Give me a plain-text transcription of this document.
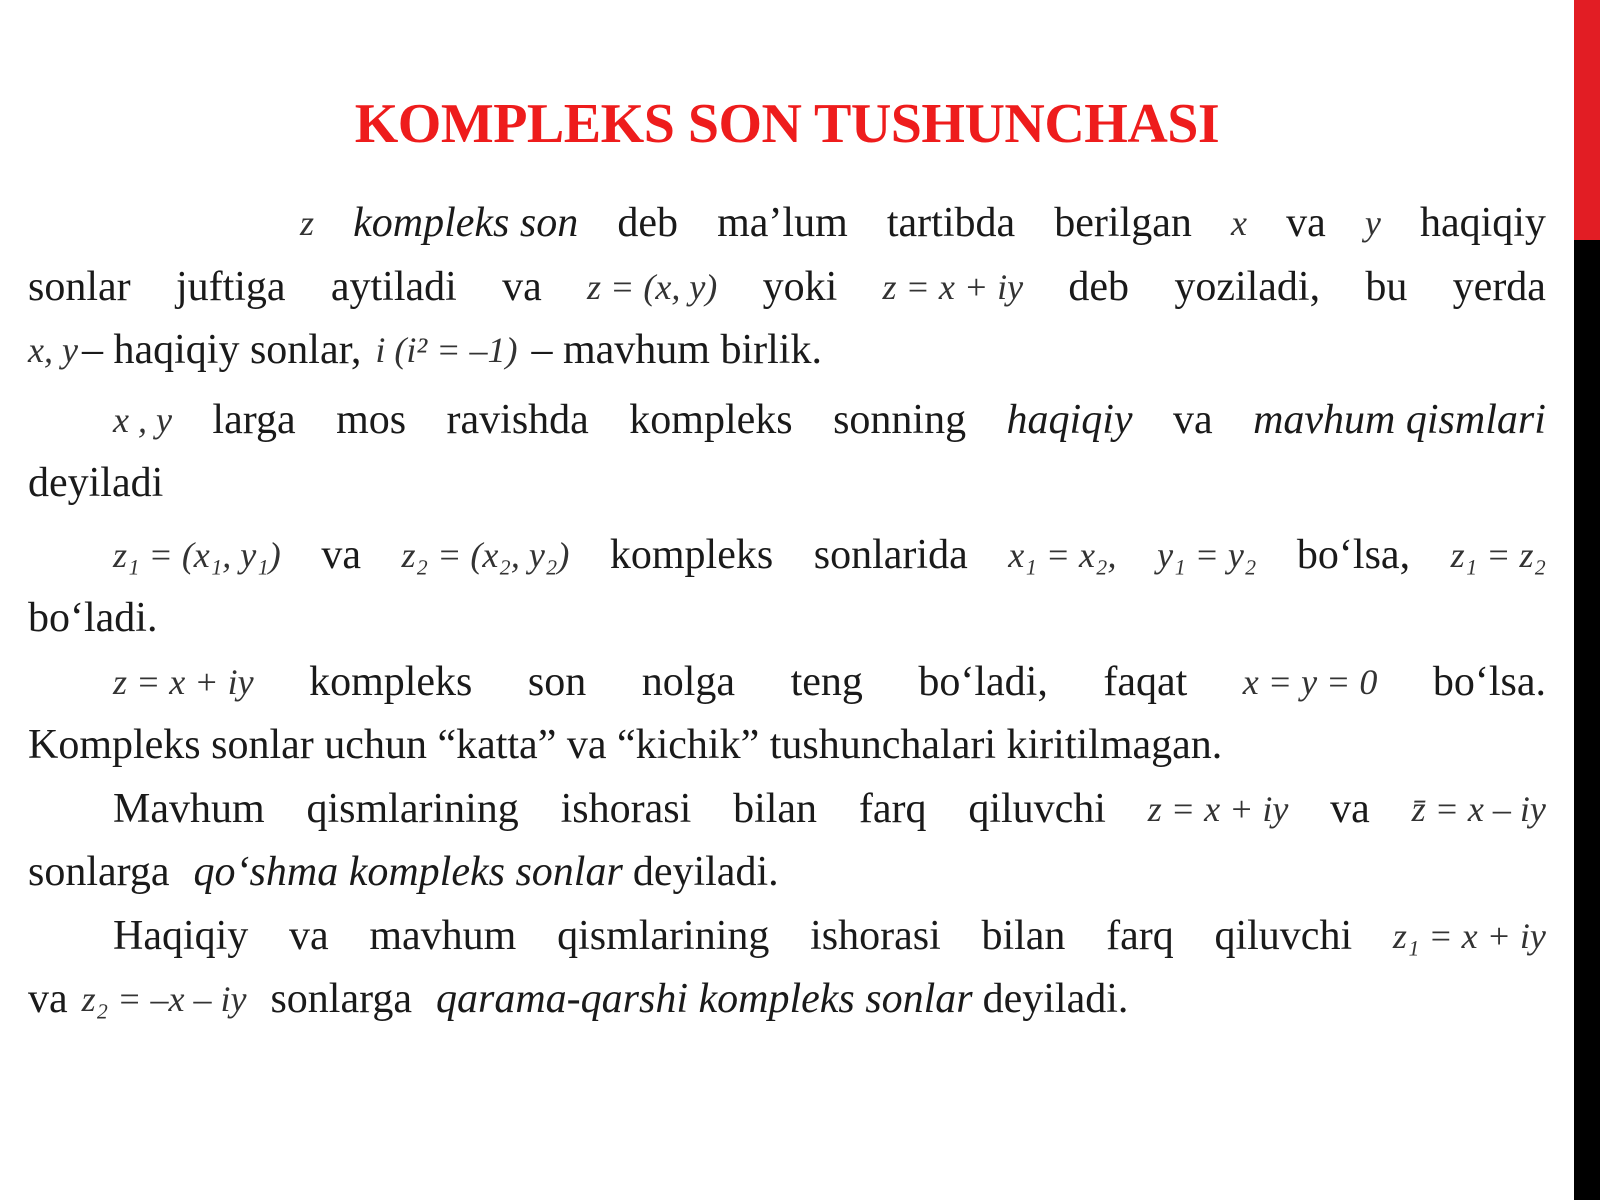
KOMPLEKS SON TUSHUNCHASI
z kompleks son deb ma’lum tartibda berilgan x va y haqiqiy
sonlar juftiga aytiladi va z = (x, y) yoki z = x + iy deb yoziladi, bu yerda
x, y – haqiqiy sonlar, i (i² = –1) – mavhum birlik.
x , y larga mos ravishda kompleks sonning haqiqiy va mavhum qismlari
deyiladi
z₁ = (x₁, y₁) va z₂ = (x₂, y₂) kompleks sonlarida x₁ = x₂, y₁ = y₂ bo‘lsa, z₁ = z₂
bo‘ladi.
z = x + iy kompleks son nolga teng bo‘ladi, faqat x = y = 0 bo‘lsa.
Kompleks sonlar uchun “katta” va “kichik” tushunchalari kiritilmagan.
Mavhum qismlarining ishorasi bilan farq qiluvchi z = x + iy va z̄ = x – iy
sonlarga qo‘shma kompleks sonlar deyiladi.
Haqiqiy va mavhum qismlarining ishorasi bilan farq qiluvchi z₁ = x + iy
va z₂ = –x – iy sonlarga qarama-qarshi kompleks sonlar deyiladi.
